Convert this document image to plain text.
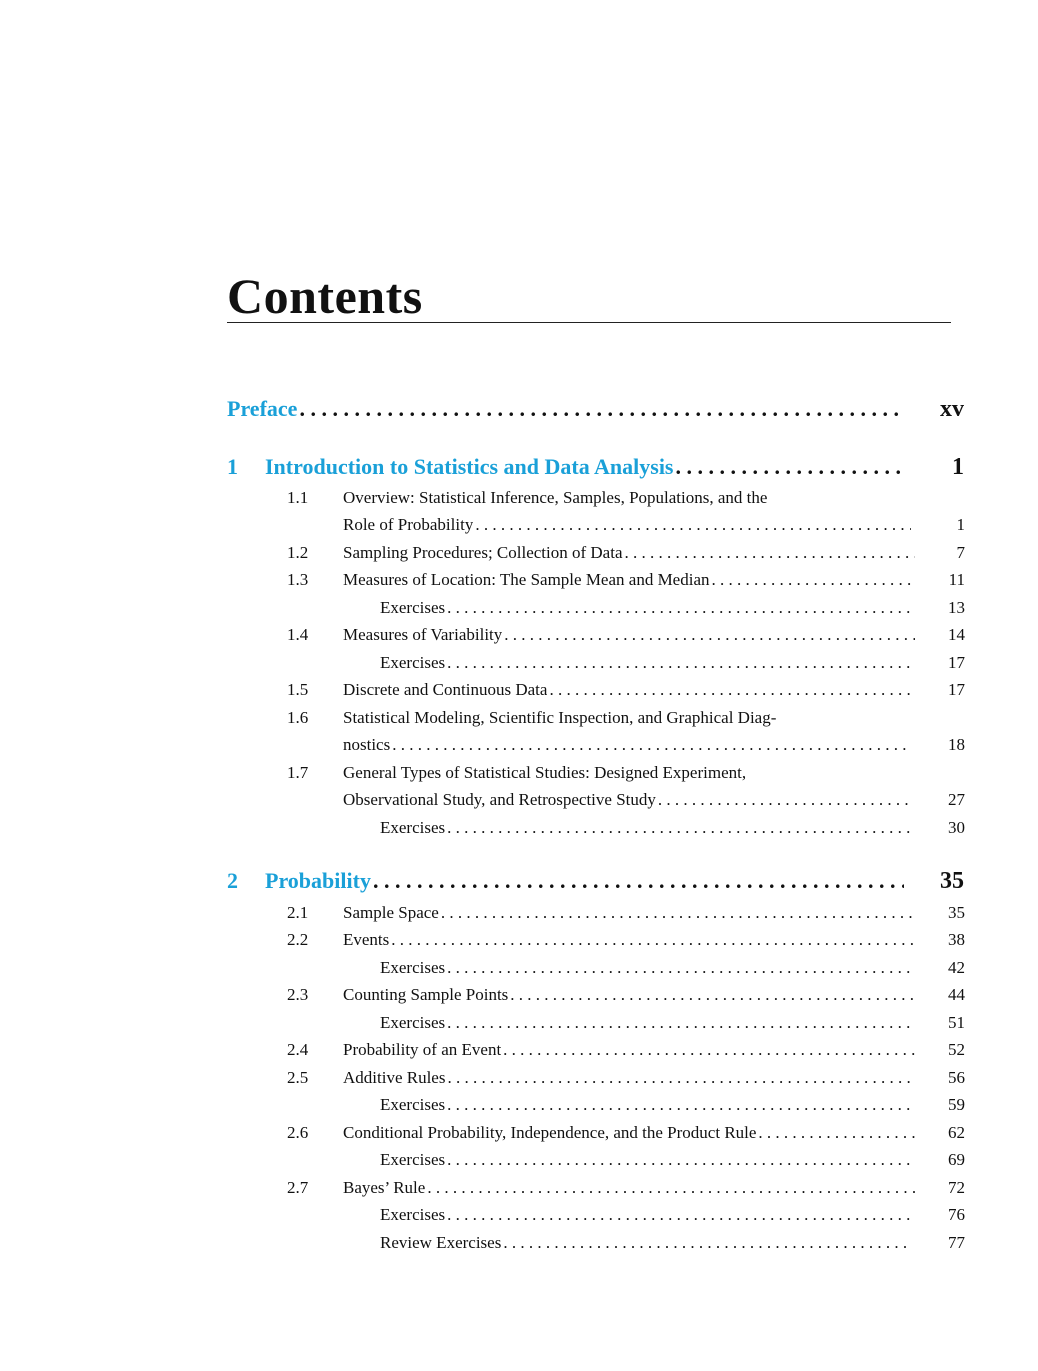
Contents
Preface . . .	xv
1	Introduction to Statistics and Data Analysis . . .	1
1.1	Overview: Statistical Inference, Samples, Populations, and the
Role of Probability . . .	1
1.2	Sampling Procedures; Collection of Data . . .	7
1.3	Measures of Location: The Sample Mean and Median . . .	11
Exercises . . .	13
1.4	Measures of Variability . . .	14
Exercises . . .	17
1.5	Discrete and Continuous Data . . .	17
1.6	Statistical Modeling, Scientific Inspection, and Graphical Diag-
nostics . . .	18
1.7	General Types of Statistical Studies: Designed Experiment,
Observational Study, and Retrospective Study . . .	27
Exercises . . .	30
2	Probability . . .	35
2.1	Sample Space . . .	35
2.2	Events . . .	38
Exercises . . .	42
2.3	Counting Sample Points . . .	44
Exercises . . .	51
2.4	Probability of an Event . . .	52
2.5	Additive Rules . . .	56
Exercises . . .	59
2.6	Conditional Probability, Independence, and the Product Rule . . .	62
Exercises . . .	69
2.7	Bayes’ Rule . . .	72
Exercises . . .	76
Review Exercises . . .	77
